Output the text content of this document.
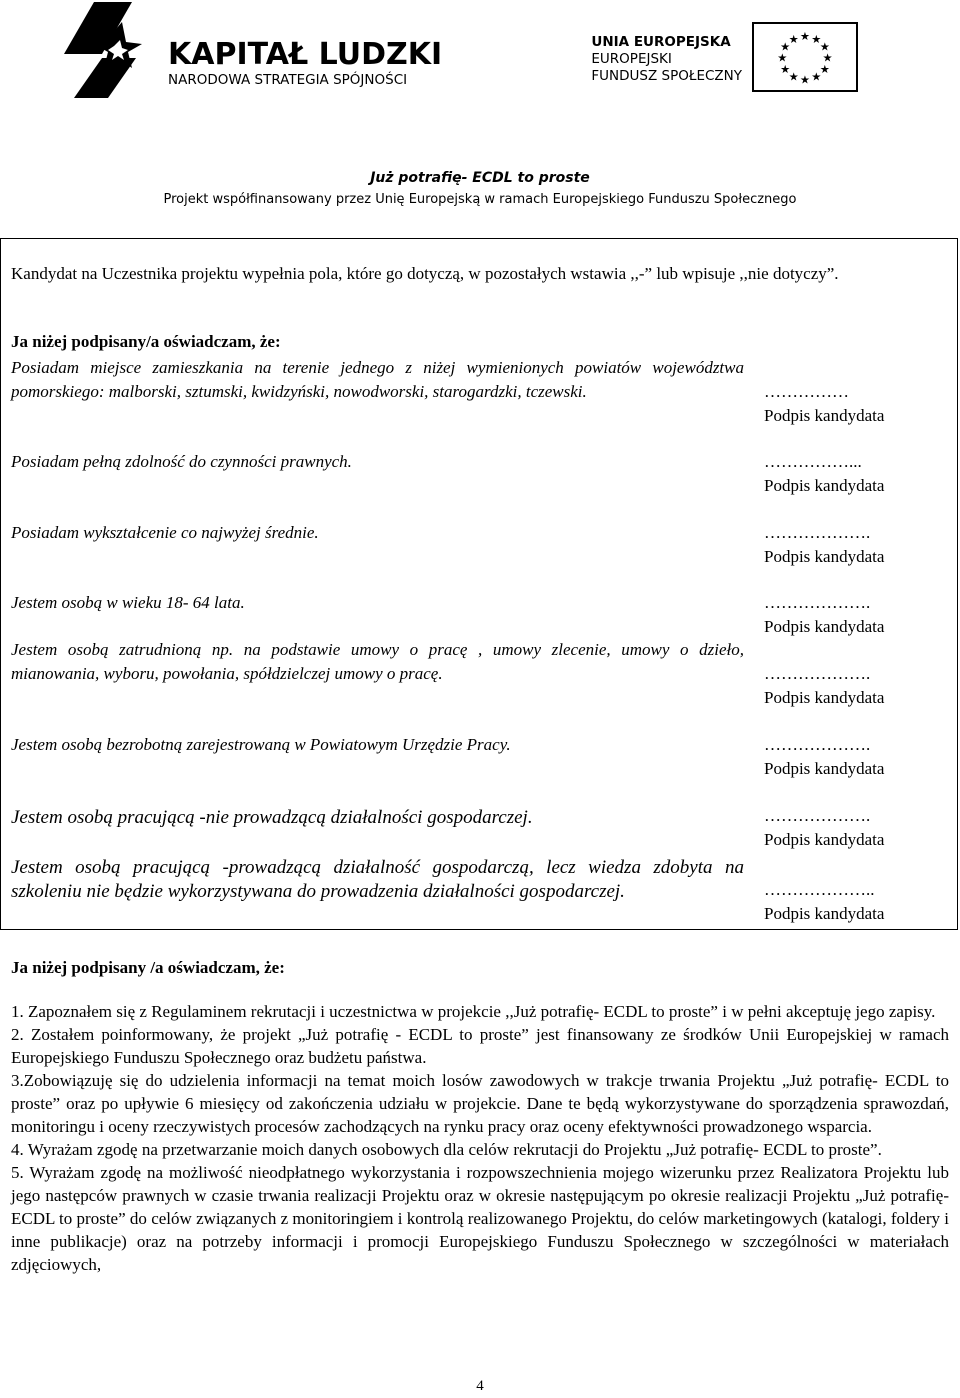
KAPITAŁ LUDZKI
NARODOWA STRATEGIA SPÓJNOŚCI
UNIA EUROPEJSKA
EUROPEJSKI
FUNDUSZ SPOŁECZNY
★ ★
★
★
★
★
★
★
★
★
★
★
Już potrafię- ECDL to proste
Projekt współfinansowany przez Unię Europejską w ramach Europejskiego Funduszu Społecznego
Kandydat na Uczestnika projektu wypełnia pola, które go dotyczą, w pozostałych wstawia ,,-” lub wpisuje ,,nie dotyczy”.
Ja niżej podpisany/a oświadczam, że:
Posiadam miejsce zamieszkania na terenie jednego z niżej wymienionych powiatów województwa pomorskiego: malborski, sztumski, kwidzyński, nowodworski, starogardzki, tczewski.	……………
Podpis kandydata
Posiadam pełną zdolność do czynności prawnych.	……………...
Podpis kandydata
Posiadam wykształcenie co najwyżej średnie.	……………….
Podpis kandydata
Jestem osobą w wieku 18- 64 lata.	……………….
Podpis kandydata
Jestem osobą zatrudnioną np. na podstawie umowy o pracę , umowy zlecenie, umowy o dzieło, mianowania, wyboru, powołania, spółdzielczej umowy o pracę.	……………….
Podpis kandydata
Jestem osobą bezrobotną zarejestrowaną w Powiatowym Urzędzie Pracy.	……………….
Podpis kandydata
Jestem osobą pracującą -nie prowadzącą działalności gospodarczej.	……………….
Podpis kandydata
Jestem osobą pracującą -prowadzącą działalność gospodarczą, lecz wiedza zdobyta na szkoleniu nie będzie wykorzystywana do prowadzenia działalności gospodarczej.	………………..
Podpis kandydata
Ja niżej podpisany /a oświadczam, że:

1. Zapoznałem się z Regulaminem rekrutacji i uczestnictwa w projekcie ,,Już potrafię- ECDL to proste” i w pełni akceptuję jego zapisy.

2. Zostałem poinformowany, że projekt „Już potrafię - ECDL to proste” jest finansowany ze środków Unii Europejskiej w ramach Europejskiego Funduszu Społecznego oraz budżetu państwa.

3.Zobowiązuję się do udzielenia informacji na temat moich losów zawodowych w trakcje trwania Projektu „Już potrafię- ECDL to proste” oraz po upływie 6 miesięcy od zakończenia udziału w projekcie. Dane te będą wykorzystywane do sporządzenia sprawozdań, monitoringu i oceny rzeczywistych procesów zachodzących na rynku pracy oraz oceny efektywności prowadzonego wsparcia.

4. Wyrażam zgodę na przetwarzanie moich danych osobowych dla celów rekrutacji do Projektu „Już potrafię- ECDL to proste”.

5. Wyrażam zgodę na możliwość nieodpłatnego wykorzystania i rozpowszechnienia mojego wizerunku przez Realizatora Projektu lub jego następców prawnych w czasie trwania realizacji Projektu oraz w okresie następującym po okresie realizacji Projektu „Już potrafię- ECDL to proste” do celów związanych z monitoringiem i kontrolą realizowanego Projektu, do celów marketingowych (katalogi, foldery i inne publikacje) oraz na potrzeby informacji i promocji Europejskiego Funduszu Społecznego w szczególności w materiałach zdjęciowych,

4
